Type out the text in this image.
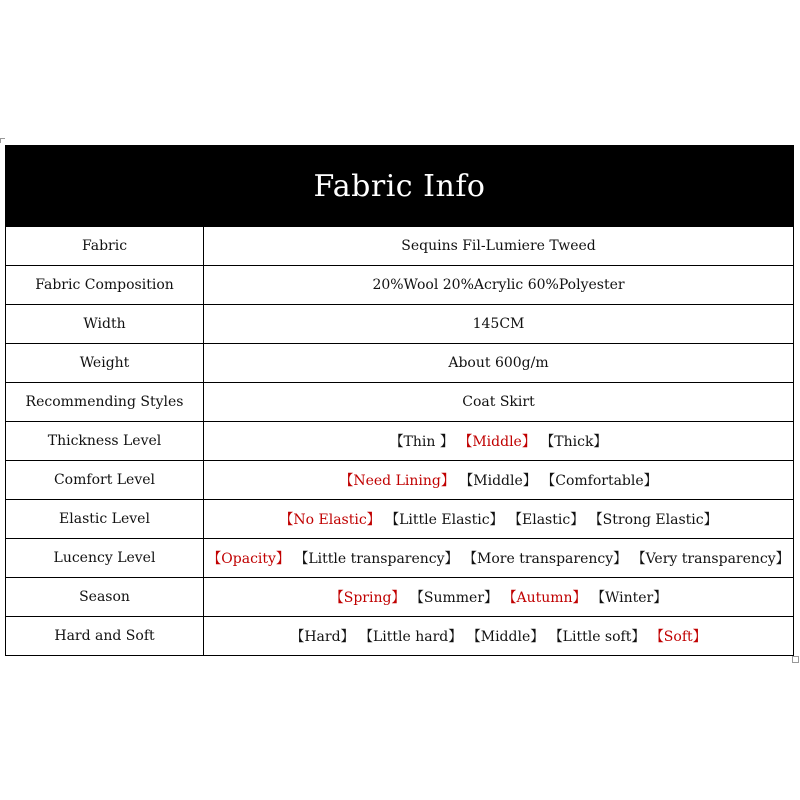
Fabric Info	
Fabric	Sequins Fil-Lumiere Tweed
Fabric Composition	20%Wool 20%Acrylic 60%Polyester
Width	145CM
Weight	About 600g/m
Recommending Styles	Coat Skirt
Thickness Level	【Thin 】 【Middle】 【Thick】
Comfort Level	【Need Lining】 【Middle】 【Comfortable】
Elastic Level	【No Elastic】 【Little Elastic】 【Elastic】 【Strong Elastic】
Lucency Level	【Opacity】 【Little transparency】 【More transparency】 【Very transparency】
Season	【Spring】 【Summer】 【Autumn】 【Winter】
Hard and Soft	【Hard】 【Little hard】 【Middle】 【Little soft】 【Soft】
